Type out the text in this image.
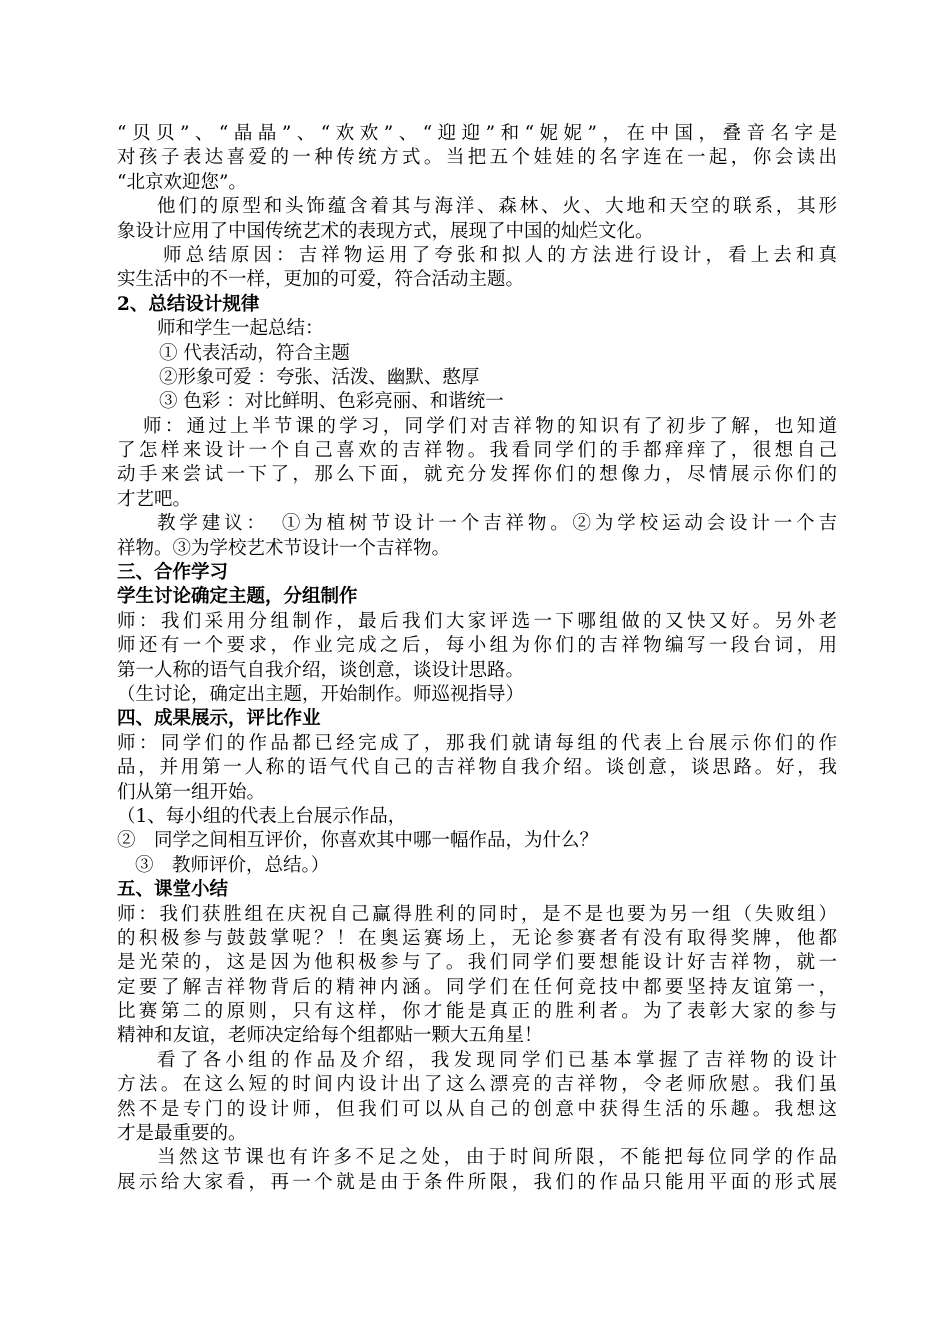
“贝贝”、“晶晶”、“欢欢”、“迎迎”和“妮妮”，在中国，叠音名字是
对孩子表达喜爱的一种传统方式。当把五个娃娃的名字连在一起，你会读出
“北京欢迎您”。
他们的原型和头饰蕴含着其与海洋、森林、火、大地和天空的联系，其形
象设计应用了中国传统艺术的表现方式，展现了中国的灿烂文化。
师总结原因：吉祥物运用了夸张和拟人的方法进行设计，看上去和真
实生活中的不一样，更加的可爱，符合活动主题。
2、总结设计规律
师和学生一起总结：
① 代表活动，符合主题
②形象可爱 ：夸张、活泼、幽默、憨厚
③ 色彩 ：对比鲜明、色彩亮丽、和谐统一
师：通过上半节课的学习，同学们对吉祥物的知识有了初步了解，也知道
了怎样来设计一个自己喜欢的吉祥物。我看同学们的手都痒痒了，很想自己
动手来尝试一下了，那么下面，就充分发挥你们的想像力，尽情展示你们的
才艺吧。
教学建议：　①为植树节设计一个吉祥物。②为学校运动会设计一个吉
祥物。③为学校艺术节设计一个吉祥物。
三、合作学习
学生讨论确定主题，分组制作
师：我们采用分组制作，最后我们大家评选一下哪组做的又快又好。另外老
师还有一个要求，作业完成之后，每小组为你们的吉祥物编写一段台词，用
第一人称的语气自我介绍，谈创意，谈设计思路。
（生讨论，确定出主题，开始制作。师巡视指导）
四、成果展示，评比作业
师：同学们的作品都已经完成了，那我们就请每组的代表上台展示你们的作
品，并用第一人称的语气代自己的吉祥物自我介绍。谈创意，谈思路。好，我
们从第一组开始。
（1、每小组的代表上台展示作品，
②　同学之间相互评价，你喜欢其中哪一幅作品，为什么？
③　教师评价，总结。）
五、课堂小结
师：我们获胜组在庆祝自己赢得胜利的同时，是不是也要为另一组（失败组）
的积极参与鼓鼓掌呢？！在奥运赛场上，无论参赛者有没有取得奖牌，他都
是光荣的，这是因为他积极参与了。我们同学们要想能设计好吉祥物，就一
定要了解吉祥物背后的精神内涵。同学们在任何竞技中都要坚持友谊第一，
比赛第二的原则，只有这样，你才能是真正的胜利者。为了表彰大家的参与
精神和友谊，老师决定给每个组都贴一颗大五角星！
看了各小组的作品及介绍，我发现同学们已基本掌握了吉祥物的设计
方法。在这么短的时间内设计出了这么漂亮的吉祥物，令老师欣慰。我们虽
然不是专门的设计师，但我们可以从自己的创意中获得生活的乐趣。我想这
才是最重要的。
当然这节课也有许多不足之处，由于时间所限，不能把每位同学的作品
展示给大家看，再一个就是由于条件所限，我们的作品只能用平面的形式展
